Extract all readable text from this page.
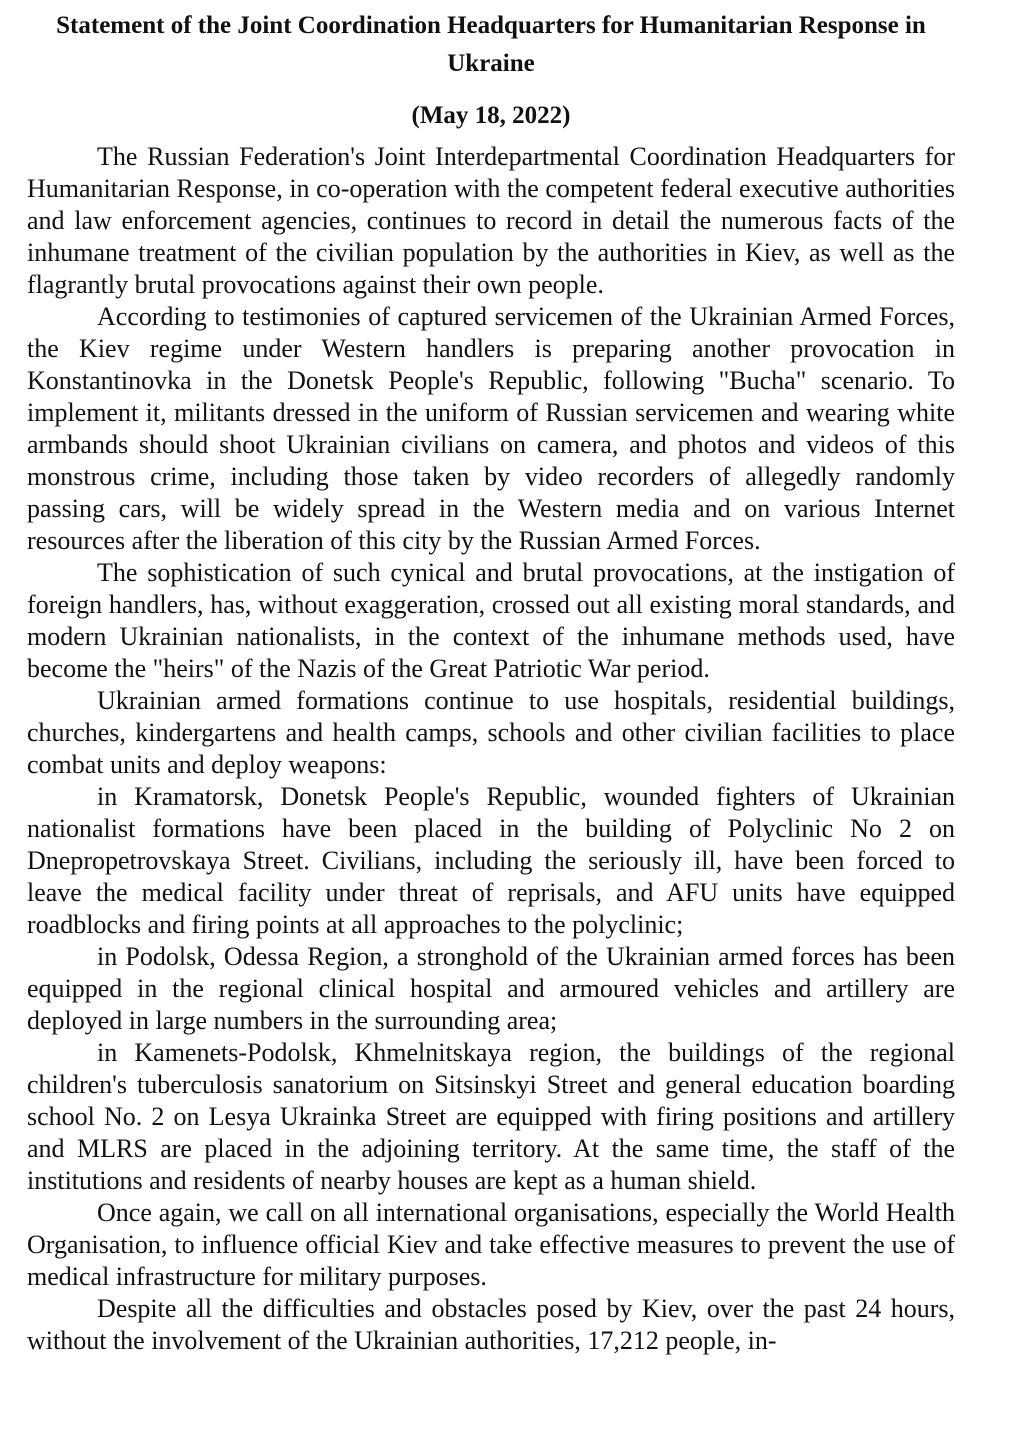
Statement of the Joint Coordination Headquarters for Humanitarian Response in Ukraine
(May 18, 2022)

The Russian Federation's Joint Interdepartmental Coordination Headquarters for Humanitarian Response, in co-operation with the competent federal executive authorities and law enforcement agencies, continues to record in detail the numerous facts of the inhumane treatment of the civilian population by the authorities in Kiev, as well as the flagrantly brutal provocations against their own people.

According to testimonies of captured servicemen of the Ukrainian Armed Forces, the Kiev regime under Western handlers is preparing another provocation in Konstantinovka in the Donetsk People's Republic, following "Bucha" scenario. To implement it, militants dressed in the uniform of Russian servicemen and wearing white armbands should shoot Ukrainian civilians on camera, and photos and videos of this monstrous crime, including those taken by video recorders of allegedly randomly passing cars, will be widely spread in the Western media and on various Internet resources after the liberation of this city by the Russian Armed Forces.

The sophistication of such cynical and brutal provocations, at the instigation of foreign handlers, has, without exaggeration, crossed out all existing moral standards, and modern Ukrainian nationalists, in the context of the inhumane methods used, have become the "heirs" of the Nazis of the Great Patriotic War period.

Ukrainian armed formations continue to use hospitals, residential buildings, churches, kindergartens and health camps, schools and other civilian facilities to place combat units and deploy weapons:

in Kramatorsk, Donetsk People's Republic, wounded fighters of Ukrainian nationalist formations have been placed in the building of Polyclinic No 2 on Dnepropetrovskaya Street. Civilians, including the seriously ill, have been forced to leave the medical facility under threat of reprisals, and AFU units have equipped roadblocks and firing points at all approaches to the polyclinic;

in Podolsk, Odessa Region, a stronghold of the Ukrainian armed forces has been equipped in the regional clinical hospital and armoured vehicles and artillery are deployed in large numbers in the surrounding area;

in Kamenets-Podolsk, Khmelnitskaya region, the buildings of the regional children's tuberculosis sanatorium on Sitsinskyi Street and general education boarding school No. 2 on Lesya Ukrainka Street are equipped with firing positions and artillery and MLRS are placed in the adjoining territory. At the same time, the staff of the institutions and residents of nearby houses are kept as a human shield.

Once again, we call on all international organisations, especially the World Health Organisation, to influence official Kiev and take effective measures to prevent the use of medical infrastructure for military purposes.

Despite all the difficulties and obstacles posed by Kiev, over the past 24 hours, without the involvement of the Ukrainian authorities, 17,212 people, in-
